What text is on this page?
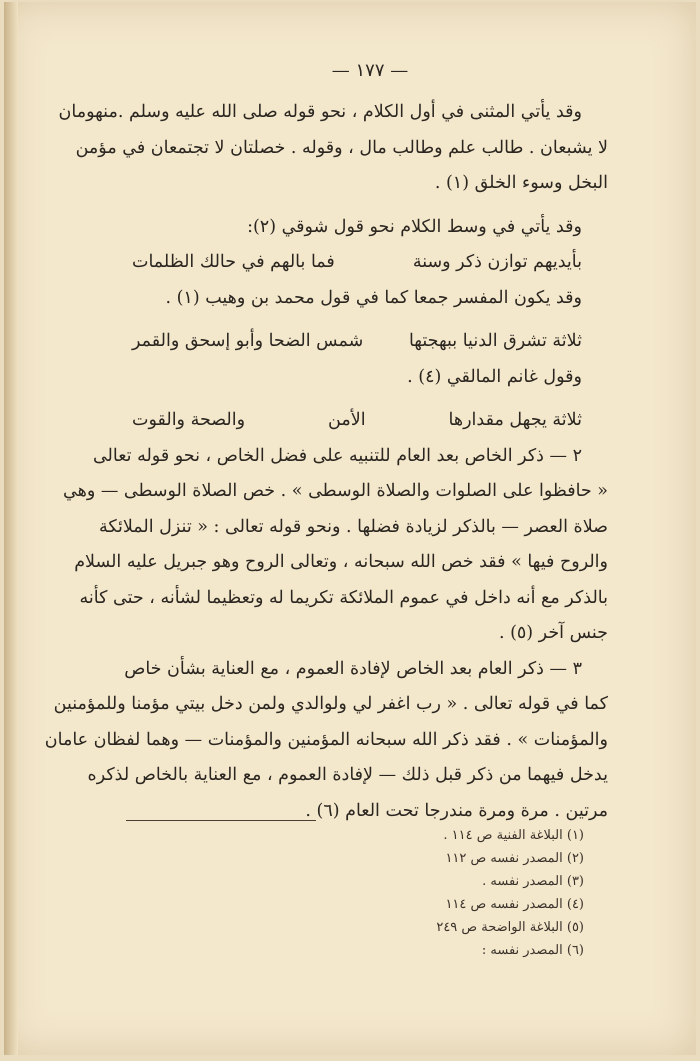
— ١٧٧ —
وقد يأتي المثنى في أول الكلام ، نحو قوله صلى الله عليه وسلم .منهومان
لا يشبعان . طالب علم وطالب مال ، وقوله . خصلتان لا تجتمعان في مؤمن
البخل وسوء الخلق (١) .
وقد يأتي في وسط الكلام نحو قول شوقي (٢):
بأيديهم توازن ذكر وسنة
فما بالهم في حالك الظلمات
وقد يكون المفسر جمعا كما في قول محمد بن وهيب (١) .
ثلاثة تشرق الدنيا ببهجتها
شمس الضحا وأبو إسحق والقمر
وقول غانم المالقي (٤) .
ثلاثة يجهل مقدارها
الأمن
والصحة والقوت
٢ — ذكر الخاص بعد العام للتنبيه على فضل الخاص ، نحو قوله تعالى
« حافظوا على الصلوات والصلاة الوسطى » . خص الصلاة الوسطى — وهي
صلاة العصر — بالذكر لزيادة فضلها . ونحو قوله تعالى : « تنزل الملائكة
والروح فيها » فقد خص الله سبحانه ، وتعالى الروح وهو جبريل عليه السلام
بالذكر مع أنه داخل في عموم الملائكة تكريما له وتعظيما لشأنه ، حتى كأنه
جنس آخر (٥) .
٣ — ذكر العام بعد الخاص لإفادة العموم ، مع العناية بشأن خاص
كما في قوله تعالى . « رب اغفر لي ولوالدي ولمن دخل بيتي مؤمنا وللمؤمنين
والمؤمنات » . فقد ذكر الله سبحانه المؤمنين والمؤمنات — وهما لفظان عامان
يدخل فيهما من ذكر قبل ذلك — لإفادة العموم ، مع العناية بالخاص لذكره
مرتين . مرة ومرة مندرجا تحت العام (٦) .
(١) البلاغة الفنية ص ١١٤ .
(٢) المصدر نفسه ص ١١٢
(٣) المصدر نفسه .
(٤) المصدر نفسه ص ١١٤
(٥) البلاغة الواضحة ص ٢٤٩
(٦) المصدر نفسه :
